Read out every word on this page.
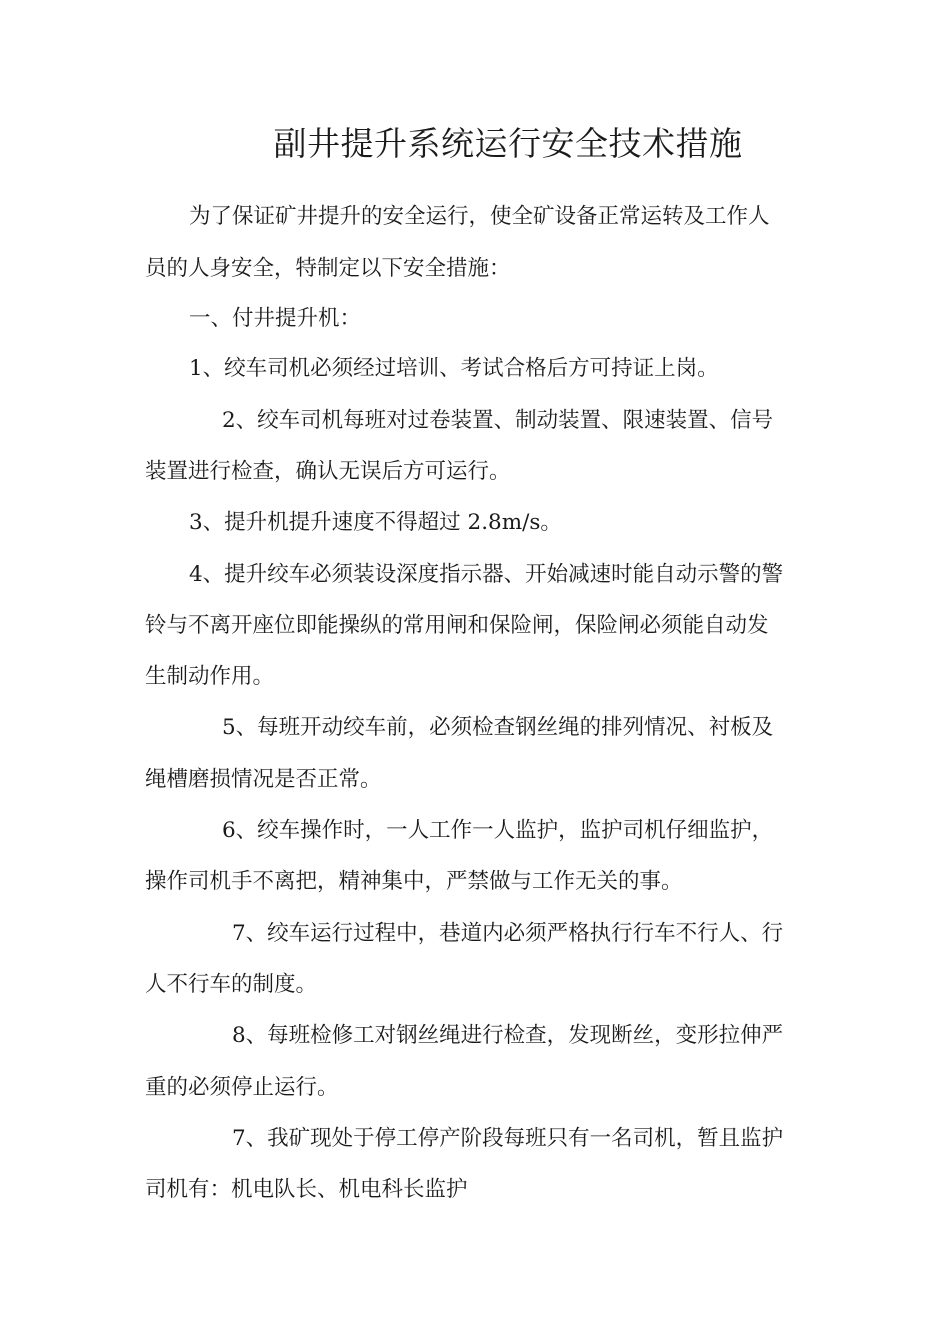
副井提升系统运行安全技术措施
为了保证矿井提升的安全运行，使全矿设备正常运转及工作人
员的人身安全，特制定以下安全措施：
一、付井提升机：
1、绞车司机必须经过培训、考试合格后方可持证上岗。
2、绞车司机每班对过卷装置、制动装置、限速装置、信号
装置进行检查，确认无误后方可运行。
3、提升机提升速度不得超过 2.8m/s。
4、提升绞车必须装设深度指示器、开始减速时能自动示警的警
铃与不离开座位即能操纵的常用闸和保险闸，保险闸必须能自动发
生制动作用。
5、每班开动绞车前，必须检查钢丝绳的排列情况、衬板及
绳槽磨损情况是否正常。
6、绞车操作时，一人工作一人监护，监护司机仔细监护，
操作司机手不离把，精神集中，严禁做与工作无关的事。
7、绞车运行过程中，巷道内必须严格执行行车不行人、行
人不行车的制度。
8、每班检修工对钢丝绳进行检查，发现断丝，变形拉伸严
重的必须停止运行。
7、我矿现处于停工停产阶段每班只有一名司机，暂且监护
司机有：机电队长、机电科长监护
